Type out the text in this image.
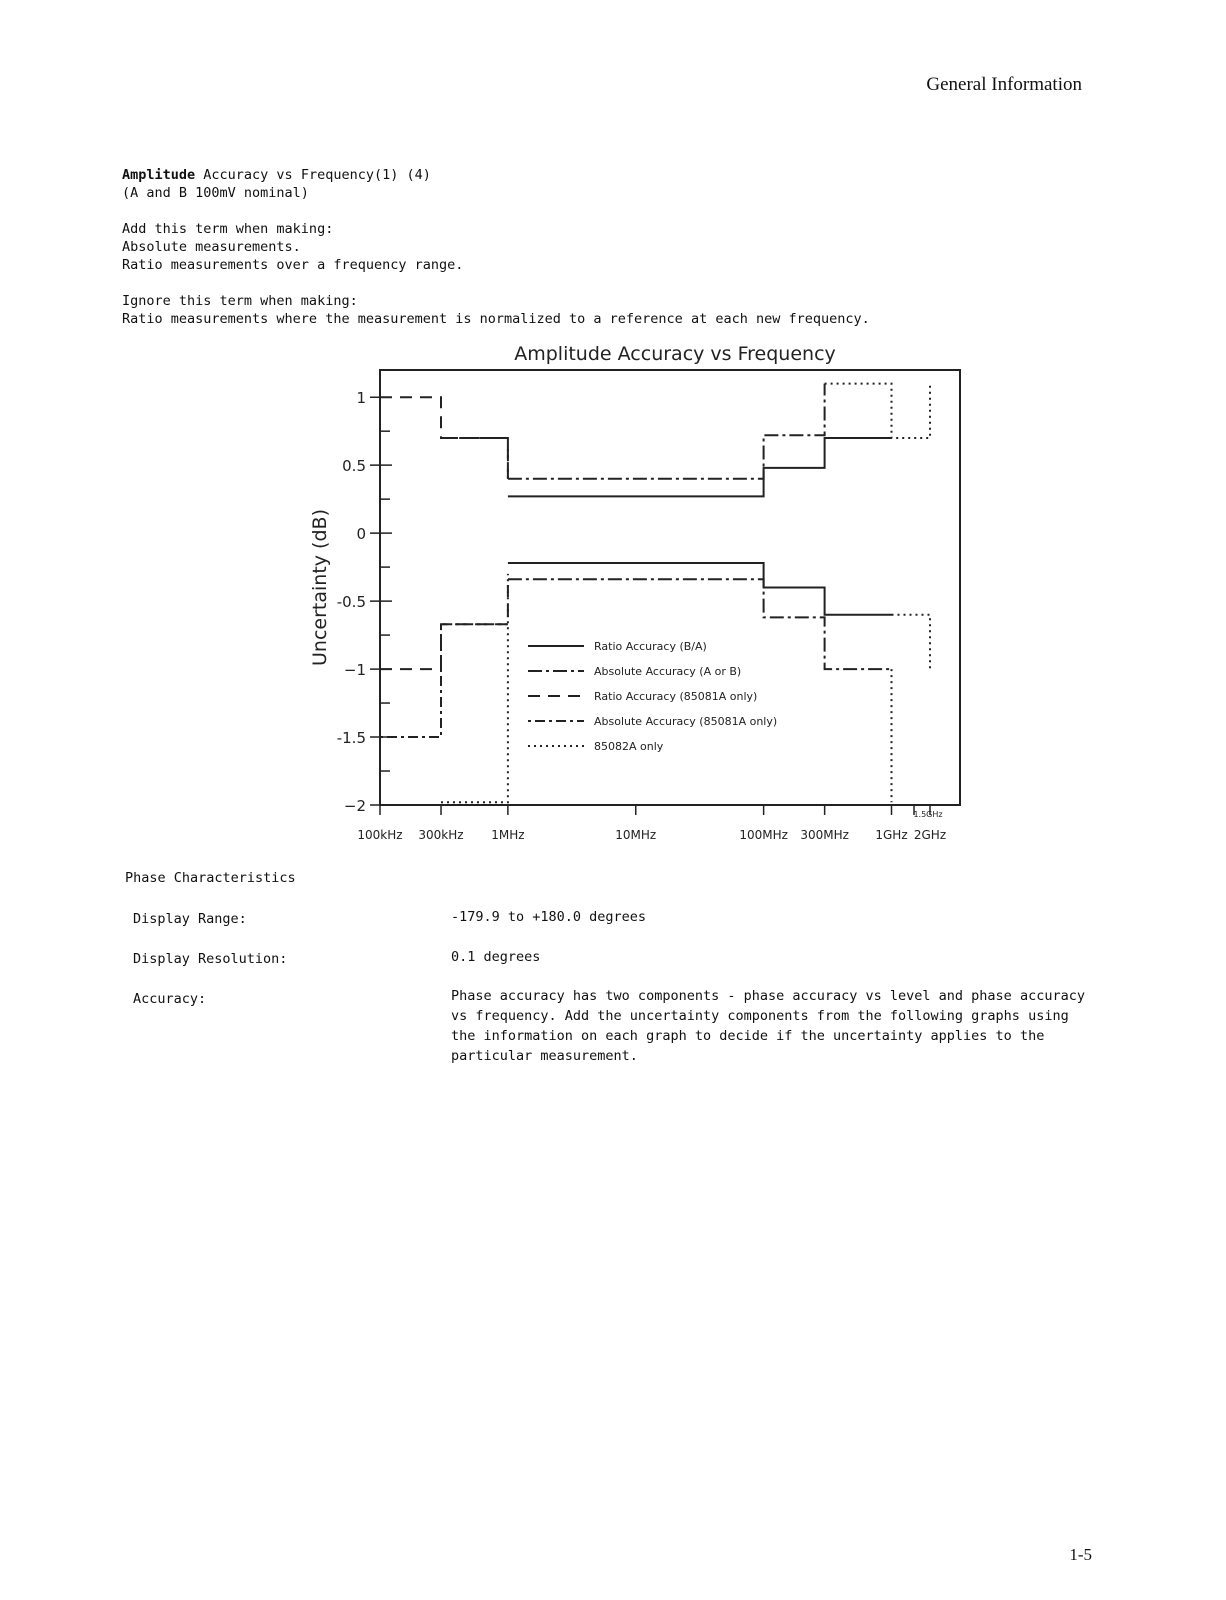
General Information

Amplitude Accuracy vs Frequency(1) (4)

(A and B 100mV nominal)

Add this term when making:

Absolute measurements.

Ratio measurements over a frequency range.

Ignore this term when making:

Ratio measurements where the measurement is normalized to a reference at each new frequency.

Amplitude Accuracy vs Frequency
Uncertainty (dB)
1
0.5
0
-0.5
−1
-1.5
−2
100kHz 300kHz 1MHz	10MHz	100MHz 300MHz 1GHz 2GHz
1.5GHz
Ratio Accuracy (B/A)
Absolute Accuracy (A or B)
Ratio Accuracy (85081A only)
Absolute Accuracy (85081A only)
85082A only
Phase Characteristics
Display Range:	-179.9 to +180.0 degrees
Display Resolution:	0.1 degrees
Accuracy:	Phase accuracy has two components - phase accuracy vs level and phase accuracy vs frequency. Add the uncertainty components from the following graphs using the information on each graph to decide if the uncertainty applies to the particular measurement.
1-5
